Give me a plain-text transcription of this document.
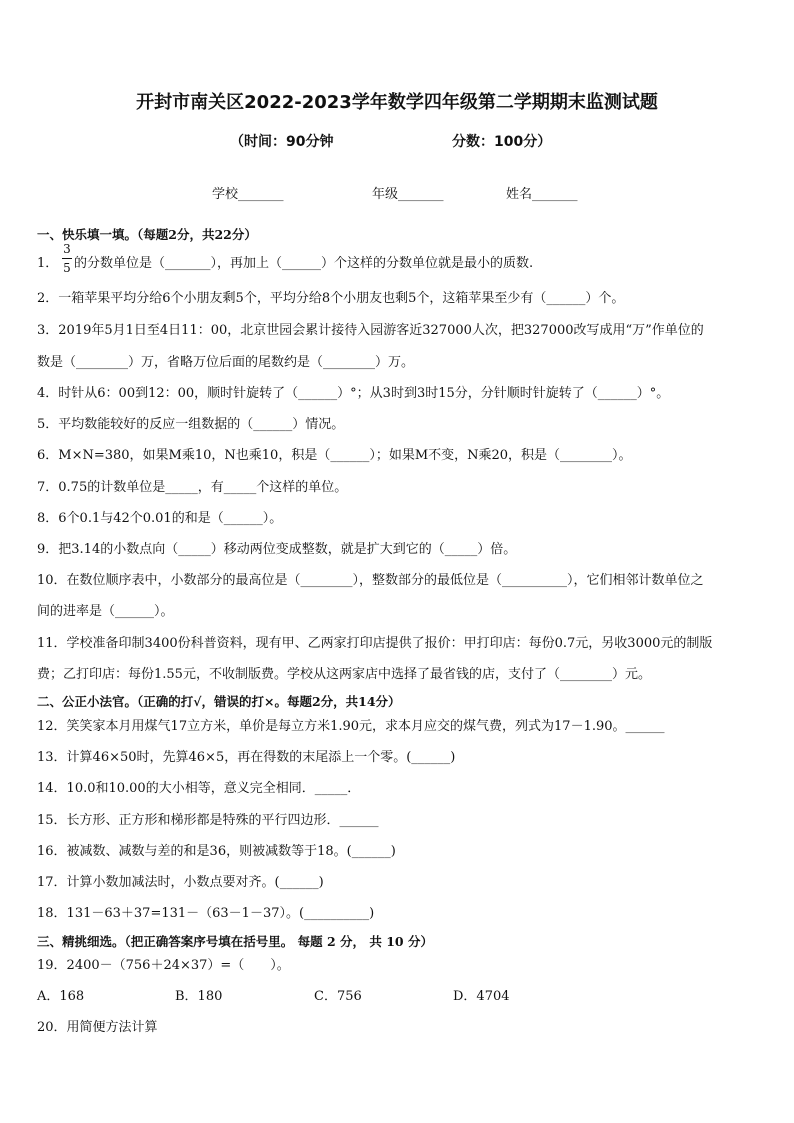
开封市南关区2022-2023学年数学四年级第二学期期末监测试题
（时间：90分钟	分数：100分）
学校_______	年级_______	姓名_______
一、快乐填一填。（每题2分，共22分）
1．
3
5 的分数单位是（_______），再加上（______）个这样的分数单位就是最小的质数.
2．一箱苹果平均分给6个小朋友剩5个，平均分给8个小朋友也剩5个，这箱苹果至少有（______）个。
3．2019年5月1日至4日11：00，北京世园会累计接待入园游客近327000人次，把327000改写成用“万”作单位的
数是（________）万，省略万位后面的尾数约是（________）万。
4．时针从6：00到12：00，顺时针旋转了（______）°；从3时到3时15分，分针顺时针旋转了（______）°。
5．平均数能较好的反应一组数据的（______）情况。
6．M×N=380，如果M乘10，N也乘10，积是（______）；如果M不变，N乘20，积是（________）。
7．0.75的计数单位是_____，有_____个这样的单位。
8．6个0.1与42个0.01的和是（______）。
9．把3.14的小数点向（_____）移动两位变成整数，就是扩大到它的（_____）倍。
10．在数位顺序表中，小数部分的最高位是（________），整数部分的最低位是（__________），它们相邻计数单位之
间的进率是（______）。
11．学校准备印制3400份科普资料，现有甲、乙两家打印店提供了报价：甲打印店：每份0.7元，另收3000元的制版
费；乙打印店：每份1.55元，不收制版费。学校从这两家店中选择了最省钱的店，支付了（________）元。
二、公正小法官。（正确的打√，错误的打×。每题2分，共14分）
12．笑笑家本月用煤气17立方米，单价是每立方米1.90元，求本月应交的煤气费，列式为17－1.90。______
13．计算46×50时，先算46×5，再在得数的末尾添上一个零。(______)
14．10.0和10.00的大小相等，意义完全相同．_____．
15．长方形、正方形和梯形都是特殊的平行四边形．______
16．被减数、减数与差的和是36，则被减数等于18。(______)
17．计算小数加减法时，小数点要对齐。(______)
18．131－63＋37=131－（63－1－37）。(__________)
三、精挑细选。（把正确答案序号填在括号里。 每题 2 分， 共 10 分）
19．2400－（756＋24×37）=（　　）。
A．168	B．180	C．756	D．4704
20．用简便方法计算
